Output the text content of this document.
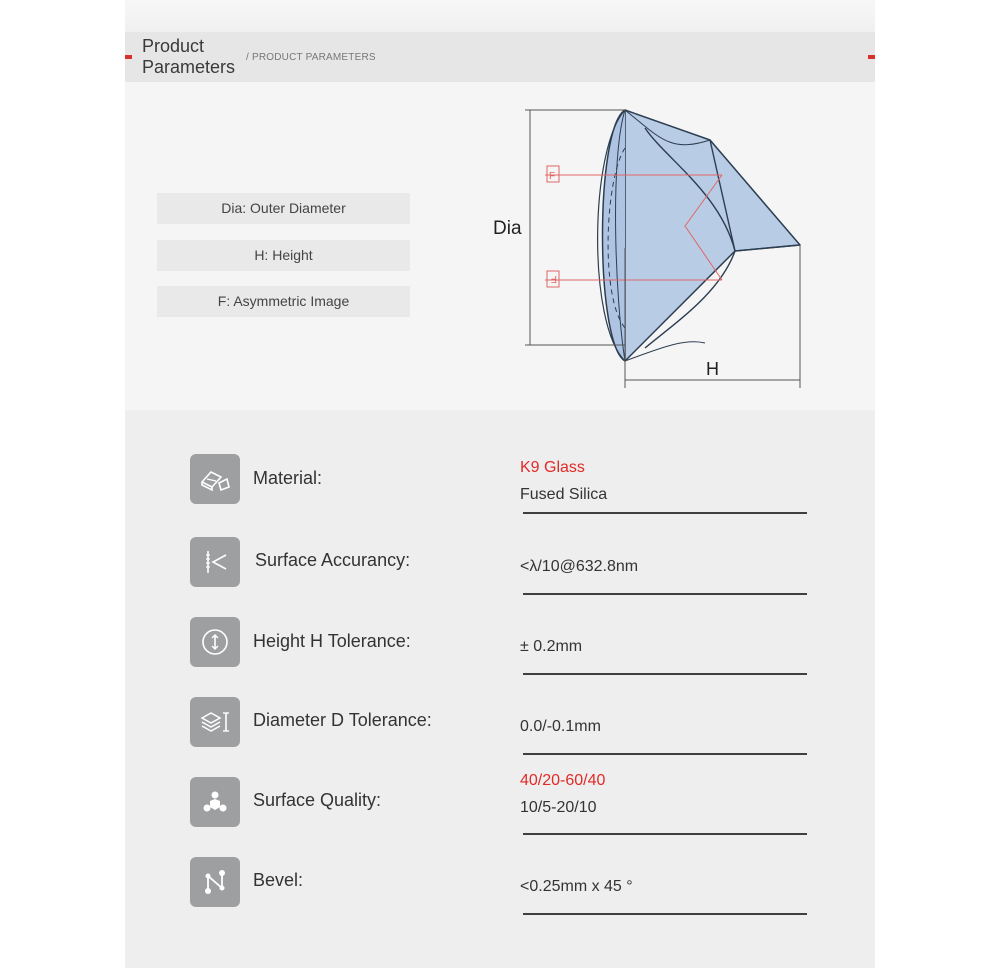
Product Parameters	/ PRODUCT PARAMETERS
Dia: Outer Diameter
H: Height
F: Asymmetric Image
F
F
Dia
H
Material:
K9 Glass
Fused Silica
Surface Accurancy:	<λ/10@632.8nm
Height H Tolerance:	± 0.2mm
Diameter D Tolerance:	0.0/-0.1mm
Surface Quality:
40/20-60/40
10/5-20/10
Bevel:	<0.25mm x 45 °
